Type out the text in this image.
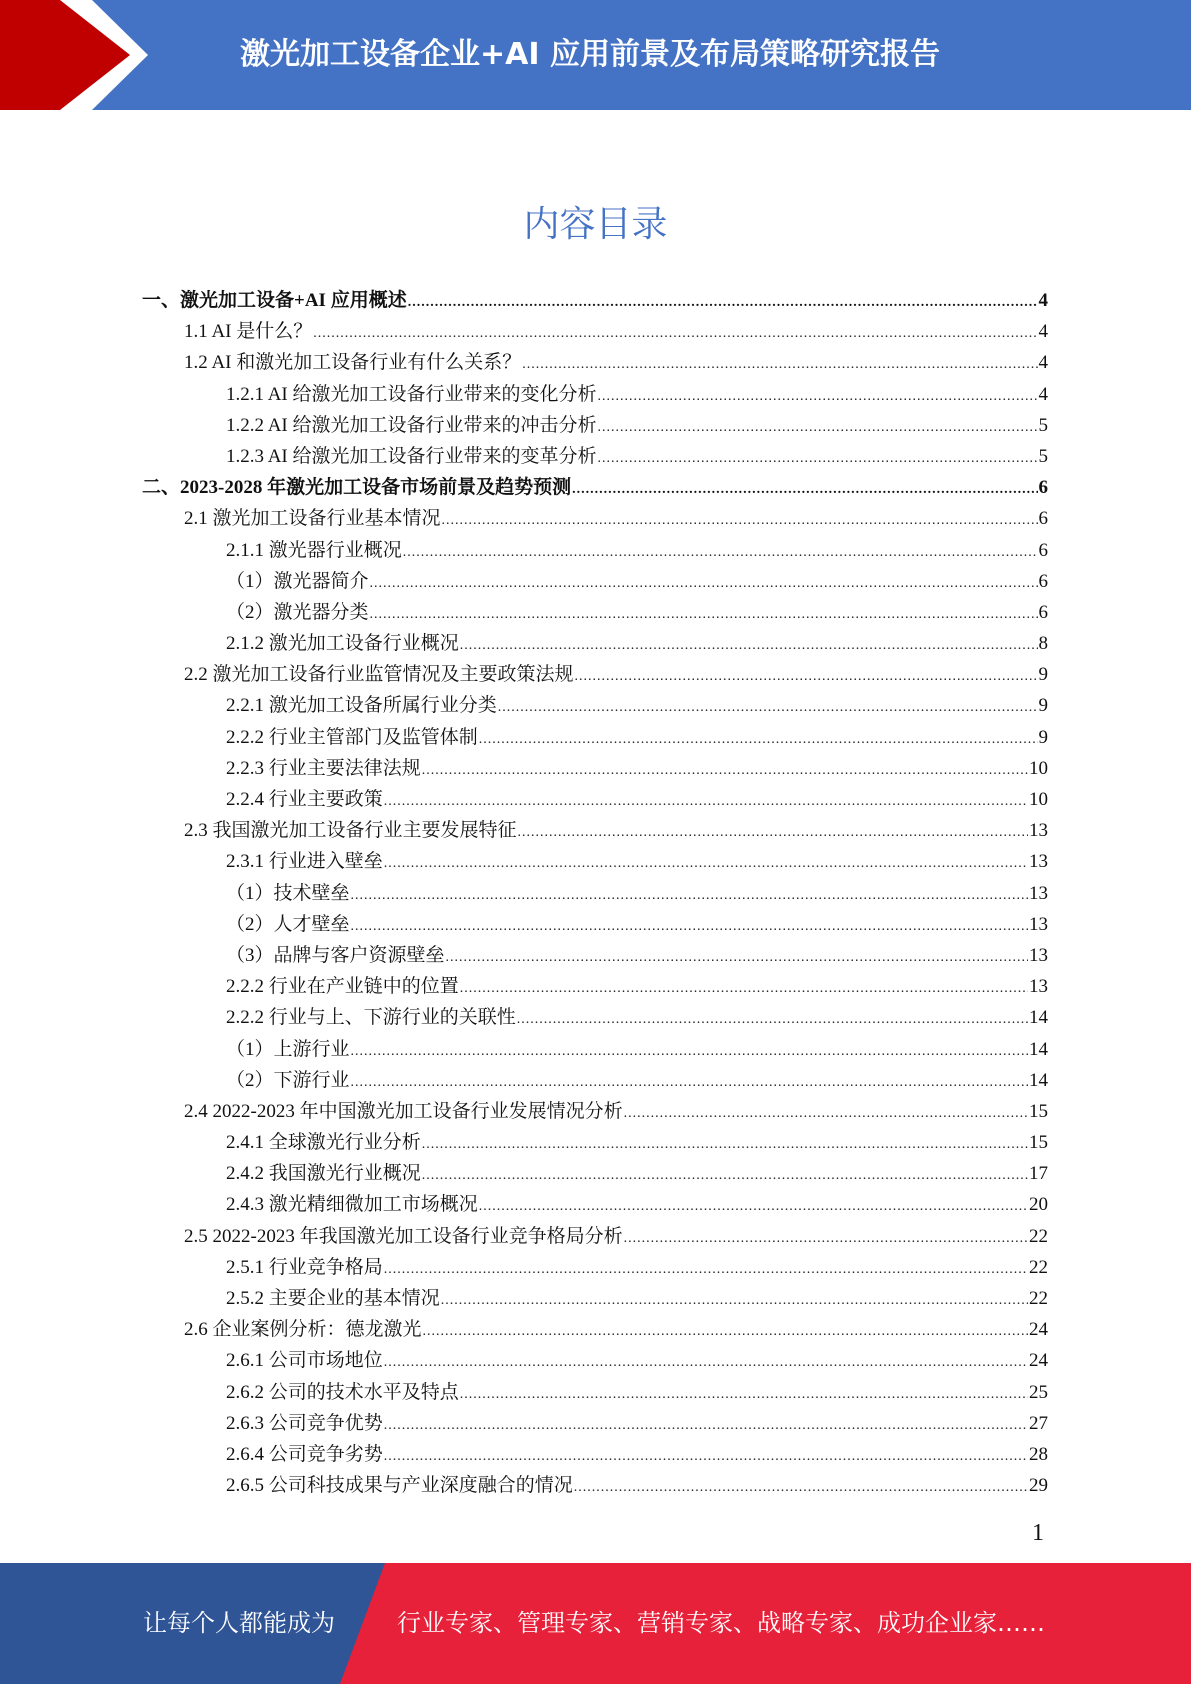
激光加工设备企业+AI 应用前景及布局策略研究报告
内容目录
一、激光加工设备+AI 应用概述 .....	4
1.1 AI 是什么？ .....	4
1.2 AI 和激光加工设备行业有什么关系？ .....	4
1.2.1 AI 给激光加工设备行业带来的变化分析 .....	4
1.2.2 AI 给激光加工设备行业带来的冲击分析 .....	5
1.2.3 AI 给激光加工设备行业带来的变革分析 .....	5
二、2023-2028 年激光加工设备市场前景及趋势预测 .....	6
2.1 激光加工设备行业基本情况 .....	6
2.1.1 激光器行业概况 .....	6
（1）激光器简介 .....	6
（2）激光器分类 .....	6
2.1.2 激光加工设备行业概况 .....	8
2.2 激光加工设备行业监管情况及主要政策法规 .....	9
2.2.1 激光加工设备所属行业分类 .....	9
2.2.2 行业主管部门及监管体制 .....	9
2.2.3 行业主要法律法规 .....	10
2.2.4 行业主要政策 .....	10
2.3 我国激光加工设备行业主要发展特征 .....	13
2.3.1 行业进入壁垒 .....	13
（1）技术壁垒 .....	13
（2）人才壁垒 .....	13
（3）品牌与客户资源壁垒 .....	13
2.2.2 行业在产业链中的位置 .....	13
2.2.2 行业与上、下游行业的关联性 .....	14
（1）上游行业 .....	14
（2）下游行业 .....	14
2.4 2022-2023 年中国激光加工设备行业发展情况分析 .....	15
2.4.1 全球激光行业分析 .....	15
2.4.2 我国激光行业概况 .....	17
2.4.3 激光精细微加工市场概况 .....	20
2.5 2022-2023 年我国激光加工设备行业竞争格局分析 .....	22
2.5.1 行业竞争格局 .....	22
2.5.2 主要企业的基本情况 .....	22
2.6 企业案例分析：德龙激光 .....	24
2.6.1 公司市场地位 .....	24
2.6.2 公司的技术水平及特点 .....	25
2.6.3 公司竞争优势 .....	27
2.6.4 公司竞争劣势 .....	28
2.6.5 公司科技成果与产业深度融合的情况 .....	29
1
让每个人都能成为	行业专家、管理专家、营销专家、战略专家、成功企业家……
